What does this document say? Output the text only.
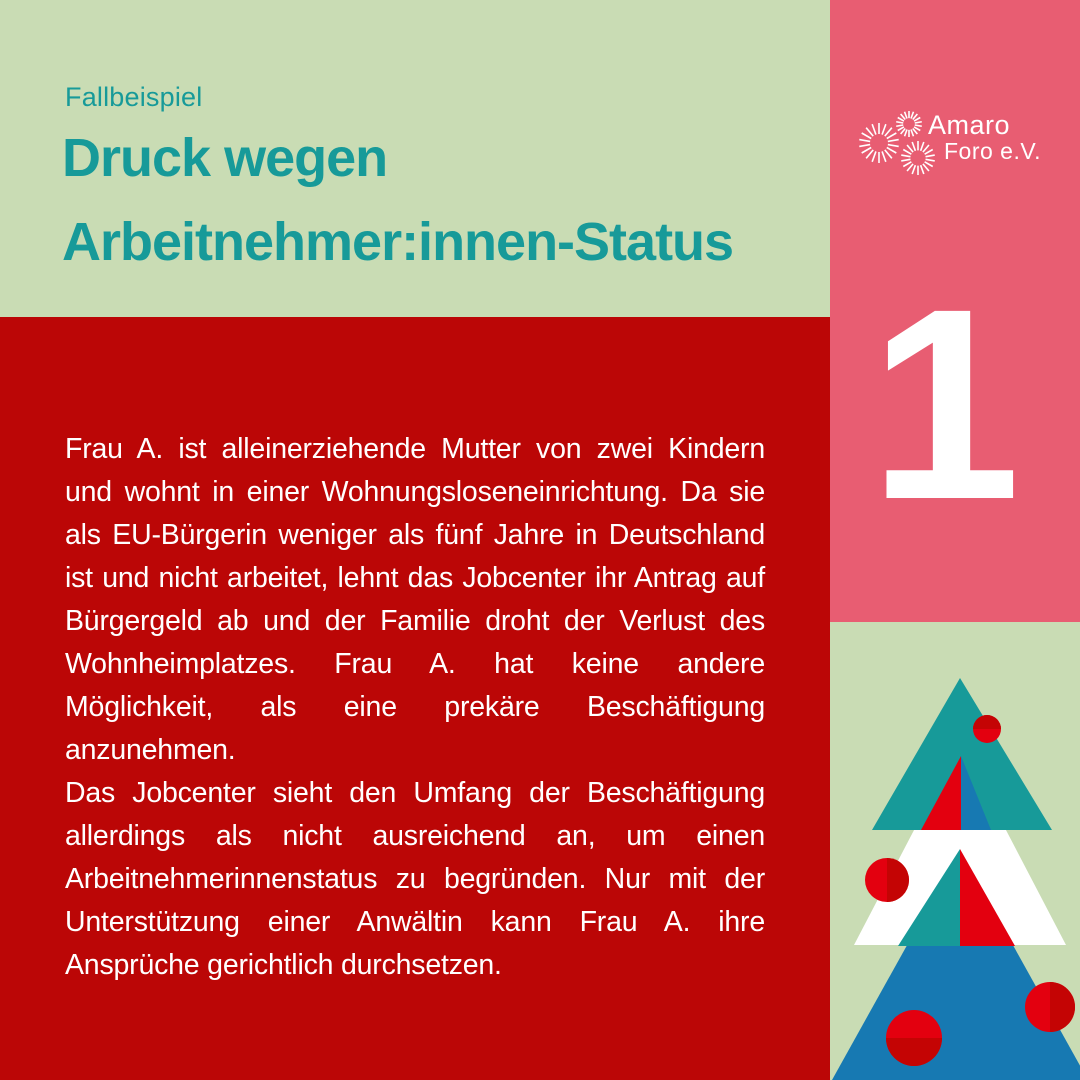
Fallbeispiel
Druck wegen
Arbeitnehmer:innen-Status

Frau A. ist alleinerziehende Mutter von zwei Kindern und wohnt in einer Wohnungsloseneinrichtung. Da sie als EU-Bürgerin weniger als fünf Jahre in Deutschland ist und nicht arbeitet, lehnt das Jobcenter ihr Antrag auf Bürgergeld ab und der Familie droht der Verlust des Wohnheimplatzes. Frau A. hat keine andere Möglichkeit, als eine prekäre Beschäftigung anzunehmen.

Das Jobcenter sieht den Umfang der Beschäftigung allerdings als nicht ausreichend an, um einen Arbeitnehmerinnenstatus zu begründen. Nur mit der Unterstützung einer Anwältin kann Frau A. ihre Ansprüche gerichtlich durchsetzen.

Amaro
Foro e.V.
1
